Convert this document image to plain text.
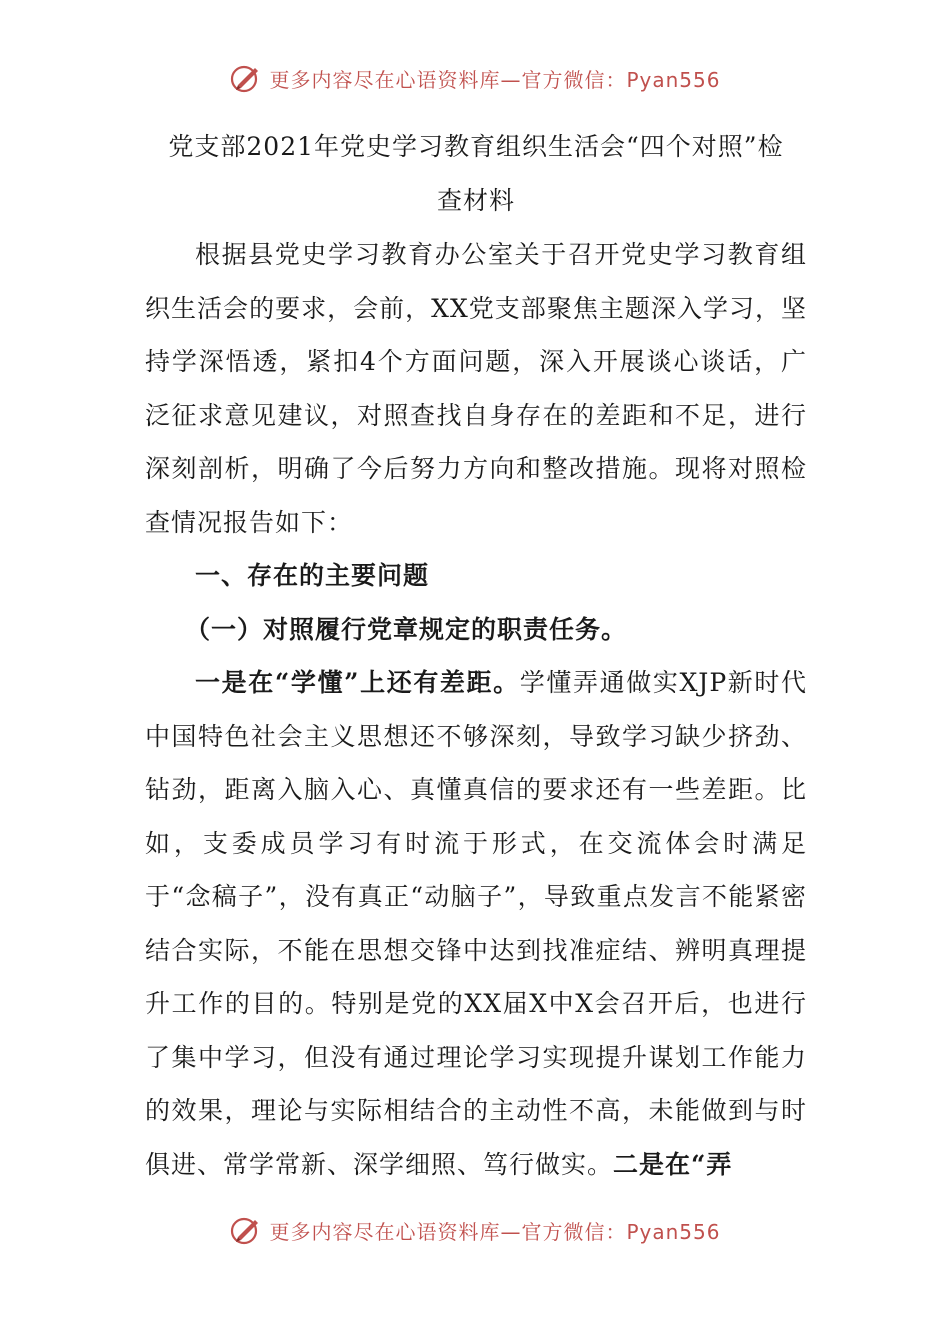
更多内容尽在心语资料库—官方微信：Pyan556
党支部2021年党史学习教育组织生活会“四个对照”检
查材料

根据县党史学习教育办公室关于召开党史学习教育组织生活会的要求，会前，XX党支部聚焦主题深入学习，坚持学深悟透，紧扣4个方面问题，深入开展谈心谈话，广泛征求意见建议，对照查找自身存在的差距和不足，进行深刻剖析，明确了今后努力方向和整改措施。现将对照检查情况报告如下：

一、存在的主要问题

（一）对照履行党章规定的职责任务。

一是在“学懂”上还有差距。学懂弄通做实XJP新时代中国特色社会主义思想还不够深刻，导致学习缺少挤劲、钻劲，距离入脑入心、真懂真信的要求还有一些差距。比如，支委成员学习有时流于形式，在交流体会时满足于“念稿子”，没有真正“动脑子”，导致重点发言不能紧密结合实际，不能在思想交锋中达到找准症结、辨明真理提升工作的目的。特别是党的XX届X中X会召开后，也进行了集中学习，但没有通过理论学习实现提升谋划工作能力的效果，理论与实际相结合的主动性不高，未能做到与时俱进、常学常新、深学细照、笃行做实。二是在“弄

更多内容尽在心语资料库—官方微信：Pyan556
